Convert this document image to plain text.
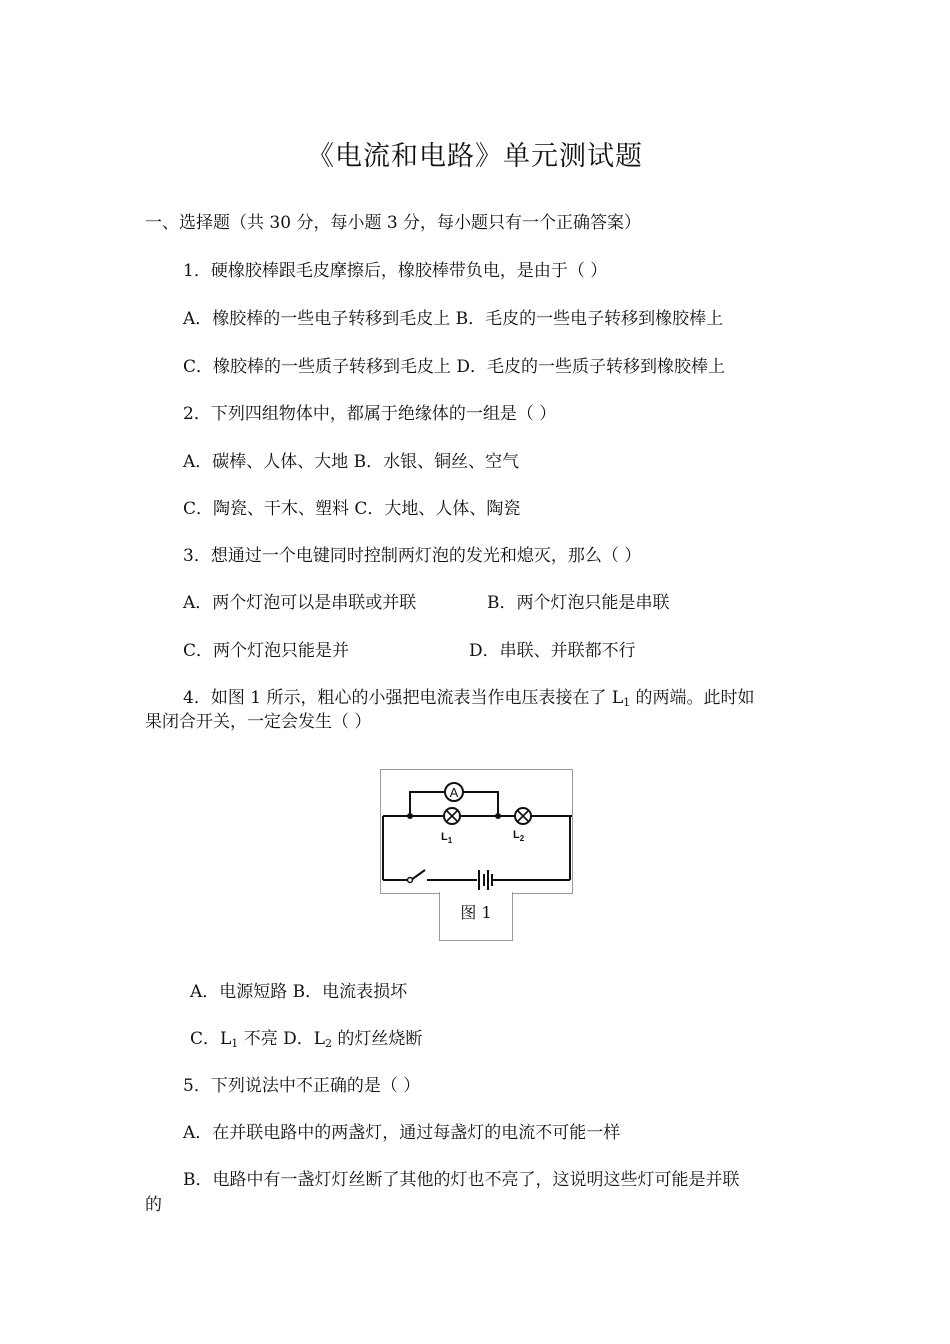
《电流和电路》单元测试题
一、选择题（共 30 分，每小题 3 分，每小题只有一个正确答案）
1．硬橡胶棒跟毛皮摩擦后，橡胶棒带负电，是由于（ ）
A．橡胶棒的一些电子转移到毛皮上 B．毛皮的一些电子转移到橡胶棒上
C．橡胶棒的一些质子转移到毛皮上 D．毛皮的一些质子转移到橡胶棒上
2．下列四组物体中，都属于绝缘体的一组是（ ）
A．碳棒、人体、大地 B．水银、铜丝、空气
C．陶瓷、干木、塑料 C．大地、人体、陶瓷
3．想通过一个电键同时控制两灯泡的发光和熄灭，那么（ ）
A．两个灯泡可以是串联或并联	B．两个灯泡只能是串联
C．两个灯泡只能是并	D．串联、并联都不行
4．如图 1 所示，粗心的小强把电流表当作电压表接在了 $L_1$ 的两端。此时如
果闭合开关，一定会发生（ ）
A
$L_1$	$L_2$
图 1
A．电源短路 B．电流表损坏
C．$L_1$ 不亮 D．$L_2$ 的灯丝烧断
5．下列说法中不正确的是（ ）
A．在并联电路中的两盏灯，通过每盏灯的电流不可能一样
B．电路中有一盏灯灯丝断了其他的灯也不亮了，这说明这些灯可能是并联
的
